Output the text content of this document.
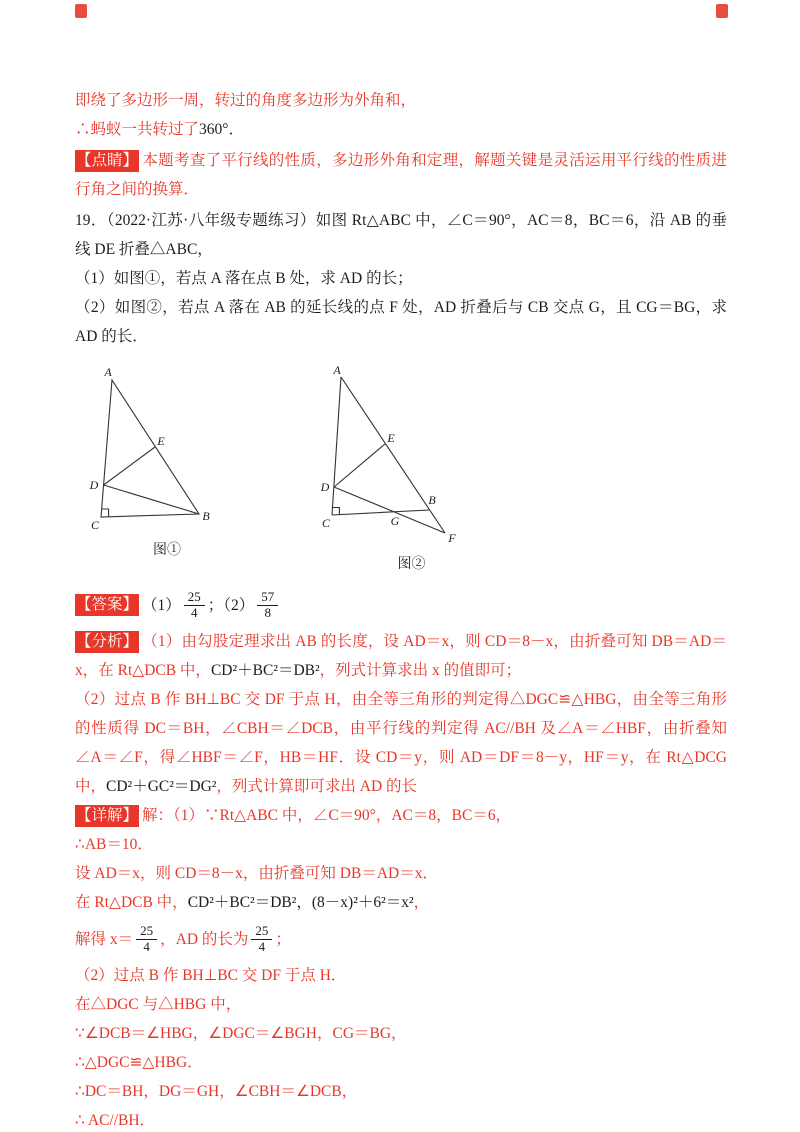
即绕了多边形一周，转过的角度多边形为外角和，
∴蚂蚁一共转过了360°．
【点睛】 本题考查了平行线的性质，多边形外角和定理，解题关键是灵活运用平行线的性质进行角之间的换算．
19．（2022·江苏·八年级专题练习）如图 Rt△ABC 中，∠C＝90°，AC＝8，BC＝6，沿 AB 的垂线 DE 折叠△ABC，
（1）如图①，若点 A 落在点 B 处，求 AD 的长；
（2）如图②，若点 A 落在 AB 的延长线的点 F 处，AD 折叠后与 CB 交点 G，且 CG＝BG，求 AD 的长．
A
D
E
C
B
图①
A
D
E
C	G
B
F
图②
【答案】 $(1) \frac{25}{4}$ ；$(2) \frac{57}{8}$
【分析】 （1）由勾股定理求出 AB 的长度，设 AD＝x，则 CD＝8－x，由折叠可知 DB＝AD＝x，在 Rt△DCB 中，CD²＋BC²＝DB²，列式计算求出 x 的值即可；
（2）过点 B 作 BH⊥BC 交 DF 于点 H，由全等三角形的判定得△DGC≌△HBG，由全等三角形的性质得 DC＝BH，∠CBH＝∠DCB，由平行线的判定得 AC//BH 及∠A＝∠HBF，由折叠知∠A＝∠F，得∠HBF＝∠F，HB＝HF．设 CD＝y，则 AD＝DF＝8－y，HF＝y，在 Rt△DCG 中，CD²＋GC²＝DG²，列式计算即可求出 AD 的长
【详解】 解：（1）∵Rt△ABC 中，∠C＝90°，AC＝8，BC＝6，
∴AB＝10．
设 AD＝x，则 CD＝8－x，由折叠可知 DB＝AD＝x．
在 Rt△DCB 中，CD²＋BC²＝DB²，(8－x)²＋6²＝x²，
解得 $x= \frac{25}{4}$ ，AD 的长为 $\frac{25}{4}$ ；
（2）过点 B 作 BH⊥BC 交 DF 于点 H．
在△DGC 与△HBG 中，
∵∠DCB＝∠HBG，∠DGC＝∠BGH，CG＝BG，
∴△DGC≌△HBG．
∴DC＝BH，DG＝GH，∠CBH＝∠DCB，
∴ AC//BH．
